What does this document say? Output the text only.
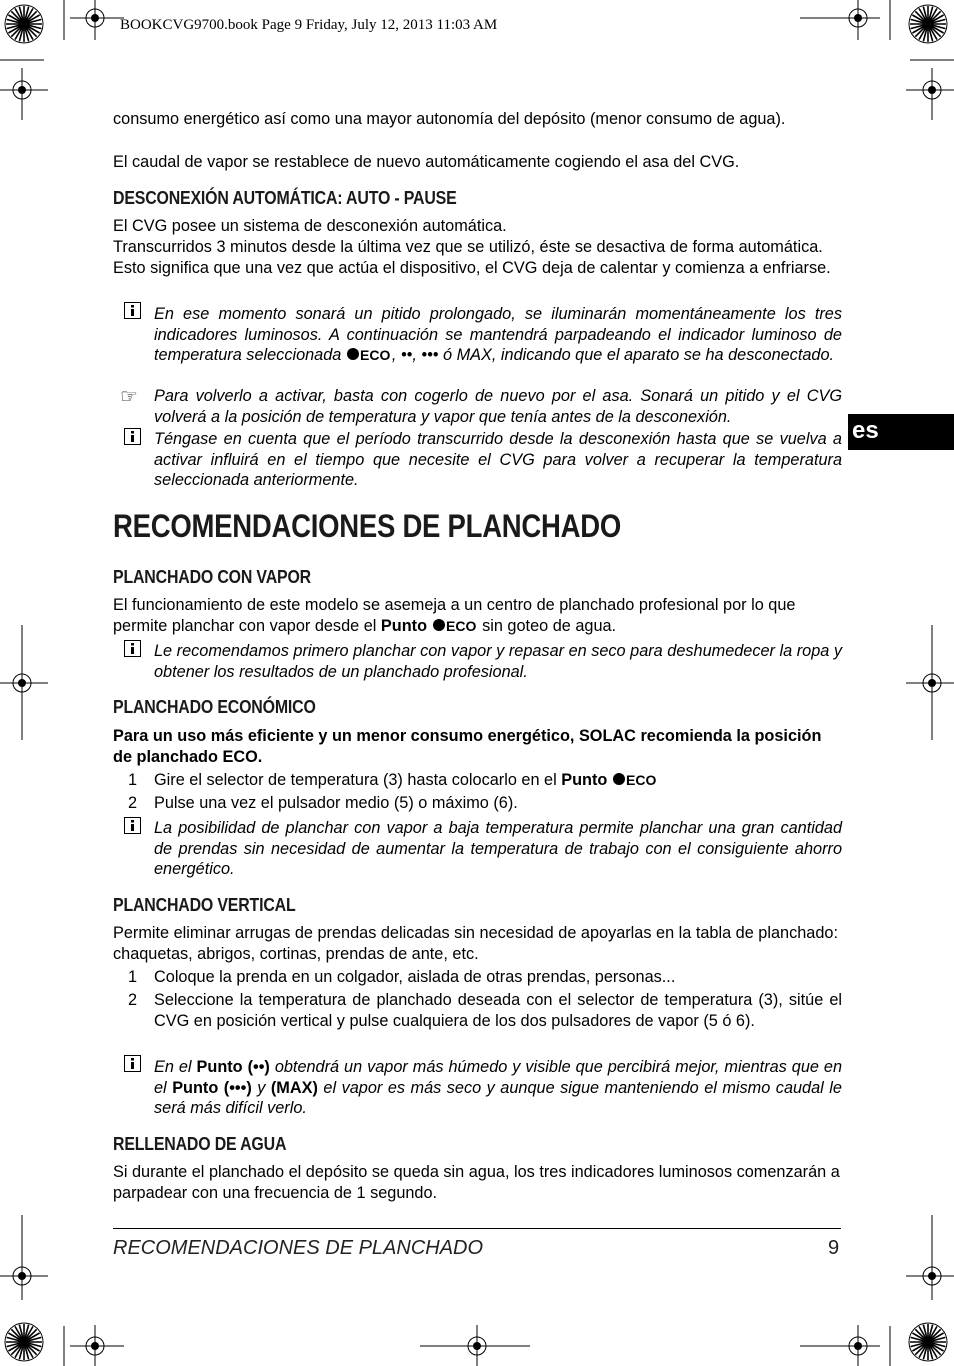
BOOKCVG9700.book Page 9 Friday, July 12, 2013 11:03 AM
consumo energético así como una mayor autonomía del depósito (menor consumo de agua).
El caudal de vapor se restablece de nuevo automáticamente cogiendo el asa del CVG.
DESCONEXIÓN AUTOMÁTICA: AUTO - PAUSE
El CVG posee un sistema de desconexión automática.
Transcurridos 3 minutos desde la última vez que se utilizó, éste se desactiva de forma automática. Esto significa que una vez que actúa el dispositivo, el CVG deja de calentar y comienza a enfriarse.
En ese momento sonará un pitido prolongado, se iluminarán momentáneamente los tres indicadores luminosos. A continuación se mantendrá parpadeando el indicador luminoso de temperatura seleccionada ECO , ••, ••• ó MAX, indicando que el aparato se ha desconectado.
☞ Para volverlo a activar, basta con cogerlo de nuevo por el asa. Sonará un pitido y el CVG volverá a la posición de temperatura y vapor que tenía antes de la desconexión.
Téngase en cuenta que el período transcurrido desde la desconexión hasta que se vuelva a activar influirá en el tiempo que necesite el CVG para volver a recuperar la temperatura seleccionada anteriormente.
es
RECOMENDACIONES DE PLANCHADO
PLANCHADO CON VAPOR
El funcionamiento de este modelo se asemeja a un centro de planchado profesional por lo que permite planchar con vapor desde el Punto ECO sin goteo de agua.
Le recomendamos primero planchar con vapor y repasar en seco para deshumedecer la ropa y obtener los resultados de un planchado profesional.
PLANCHADO ECONÓMICO
Para un uso más eficiente y un menor consumo energético, SOLAC recomienda la posición de planchado ECO.
1 Gire el selector de temperatura (3) hasta colocarlo en el Punto ECO
2 Pulse una vez el pulsador medio (5) o máximo (6).
La posibilidad de planchar con vapor a baja temperatura permite planchar una gran cantidad de prendas sin necesidad de aumentar la temperatura de trabajo con el consiguiente ahorro energético.
PLANCHADO VERTICAL
Permite eliminar arrugas de prendas delicadas sin necesidad de apoyarlas en la tabla de planchado: chaquetas, abrigos, cortinas, prendas de ante, etc.
1 Coloque la prenda en un colgador, aislada de otras prendas, personas...
2 Seleccione la temperatura de planchado deseada con el selector de temperatura (3), sitúe el CVG en posición vertical y pulse cualquiera de los dos pulsadores de vapor (5 ó 6).
En el Punto (••) obtendrá un vapor más húmedo y visible que percibirá mejor, mientras que en el Punto (•••) y (MAX) el vapor es más seco y aunque sigue manteniendo el mismo caudal le será más difícil verlo.
RELLENADO DE AGUA
Si durante el planchado el depósito se queda sin agua, los tres indicadores luminosos comenzarán a parpadear con una frecuencia de 1 segundo.
RECOMENDACIONES DE PLANCHADO	9
